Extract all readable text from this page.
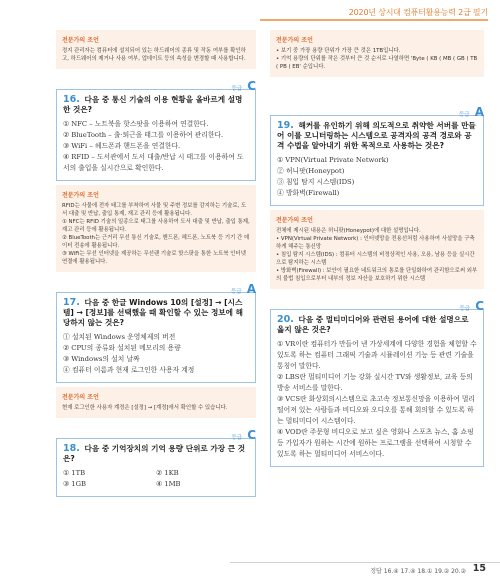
2020년 상시대 컴퓨터활용능력 2급 필기
전문가의 조언
정지 관리자는 컴퓨터에 설치되어 있는 하드웨어의 종류 및 작동 여부를 확인하고, 하드웨어의 제거나 사용 여부, 업데이트 등의 속성을 변경할 때 사용합니다.
등급 C
16. 다음 중 통신 기술의 이용 현황을 올바르게 설명한 것은?
① NFC – 노트북을 핫스팟을 이용하여 연결한다.
② BlueTooth – 출·퇴근을 태그를 이용하여 관리한다.
③ WiFi – 헤드폰과 핸드폰을 연결한다.
④ RFID – 도서관에서 도서 대출/반납 시 태그를 이용하여 도서의 출입을 실시간으로 확인한다.
전문가의 조언
RFID는 사물에 전자 태그를 부착하여 사물 및 주변 정보를 감지하는 기술로, 도서 대출 및 반납, 출입 통제, 재고 관리 등에 활용됩니다.
① NFC는 RFID 기술의 일종으로 태그를 사용하여 도서 대출 및 반납, 출입 통제, 재고 관리 등에 활용됩니다.
② BlueTooth는 근거리 무선 통신 기술로, 핸드폰, 헤드폰, 노트북 등 기기 간 데이터 전송에 활용됩니다.
③ WiFi는 무선 인터넷을 제공하는 무선랜 기술로 핫스팟을 통한 노트북 인터넷 연결에 활용됩니다.
등급 A
17. 다음 중 한글 Windows 10의 [설정] → [시스템] → [정보]를 선택했을 때 확인할 수 있는 정보에 해당하지 않는 것은?
① 설치된 Windows 운영체제의 버전
② CPU의 종류와 설치된 메모리의 용량
③ Windows의 설치 날짜
④ 컴퓨터 이름과 현재 로그인한 사용자 계정
전문가의 조언
현재 로그인한 사용자 계정은 [설정] → [계정]에서 확인할 수 있습니다.
등급 C
18. 다음 중 기억장치의 기억 용량 단위로 가장 큰 것은?
① 1TB	② 1KB
③ 1GB	④ 1MB
전문가의 조언
• 보기 중 가장 용량 단위가 가장 큰 것은 1TB입니다.
• 기억 용량의 단위를 작은 것부터 큰 것 순서로 나열하면 'Byte ( KB ( MB ( GB ( TB ( PB ( EB' 순입니다.
등급 A
19. 해커를 유인하기 위해 의도적으로 취약한 서버를 만들어 이를 모니터링하는 시스템으로 공격자의 공격 경로와 공격 수법을 알아내기 위한 목적으로 사용하는 것은?
① VPN(Virtual Private Network)
② 허니팟(Honeypot)
③ 침입 탐지 시스템(IDS)
④ 방화벽(Firewall)
전문가의 조언
전체에 제시된 내용은 허니팟(Honeypot)에 대한 설명입니다.
• VPN(Virtual Private Network) : 인터넷망을 전용선처럼 사용하여 사설망을 구축하게 해주는 통신망
• 침입 탐지 시스템(IDS) : 컴퓨터 시스템의 비정상적인 사용, 오용, 남용 등을 실시간으로 탐지하는 시스템
• 방화벽(Firewall) : 보안이 필요한 네트워크의 통로를 단일화하여 관리함으로써 외부의 불법 침입으로부터 내부의 정보 자산을 보호하기 위한 시스템
등급 C
20. 다음 중 멀티미디어와 관련된 용어에 대한 설명으로 옳지 않은 것은?
① VR이란 컴퓨터가 만들어 낸 가상세계에 다양한 경험을 체험할 수 있도록 하는 컴퓨터 그래픽 기술과 시뮬레이션 기능 등 관련 기술을 통칭어 말한다.
② LBS란 멀티미디어 기능 강화 실시간 TV와 생활정보, 교육 등의 방송 서비스를 말한다.
③ VCS란 화상회의시스템으로 초고속 정보통신망을 이용하여 멀리 떨어져 있는 사람들과 비디오와 오디오를 통해 회의할 수 있도록 하는 멀티미디어 시스템이다.
④ VOD란 주문형 비디오로 보고 싶은 영화나 스포츠 뉴스, 홈 쇼핑 등 가입자가 원하는 시간에 원하는 프로그램을 선택하여 시청할 수 있도록 하는 멀티미디어 서비스이다.
정답 16.④ 17.④ 18.① 19.② 20.② 15
